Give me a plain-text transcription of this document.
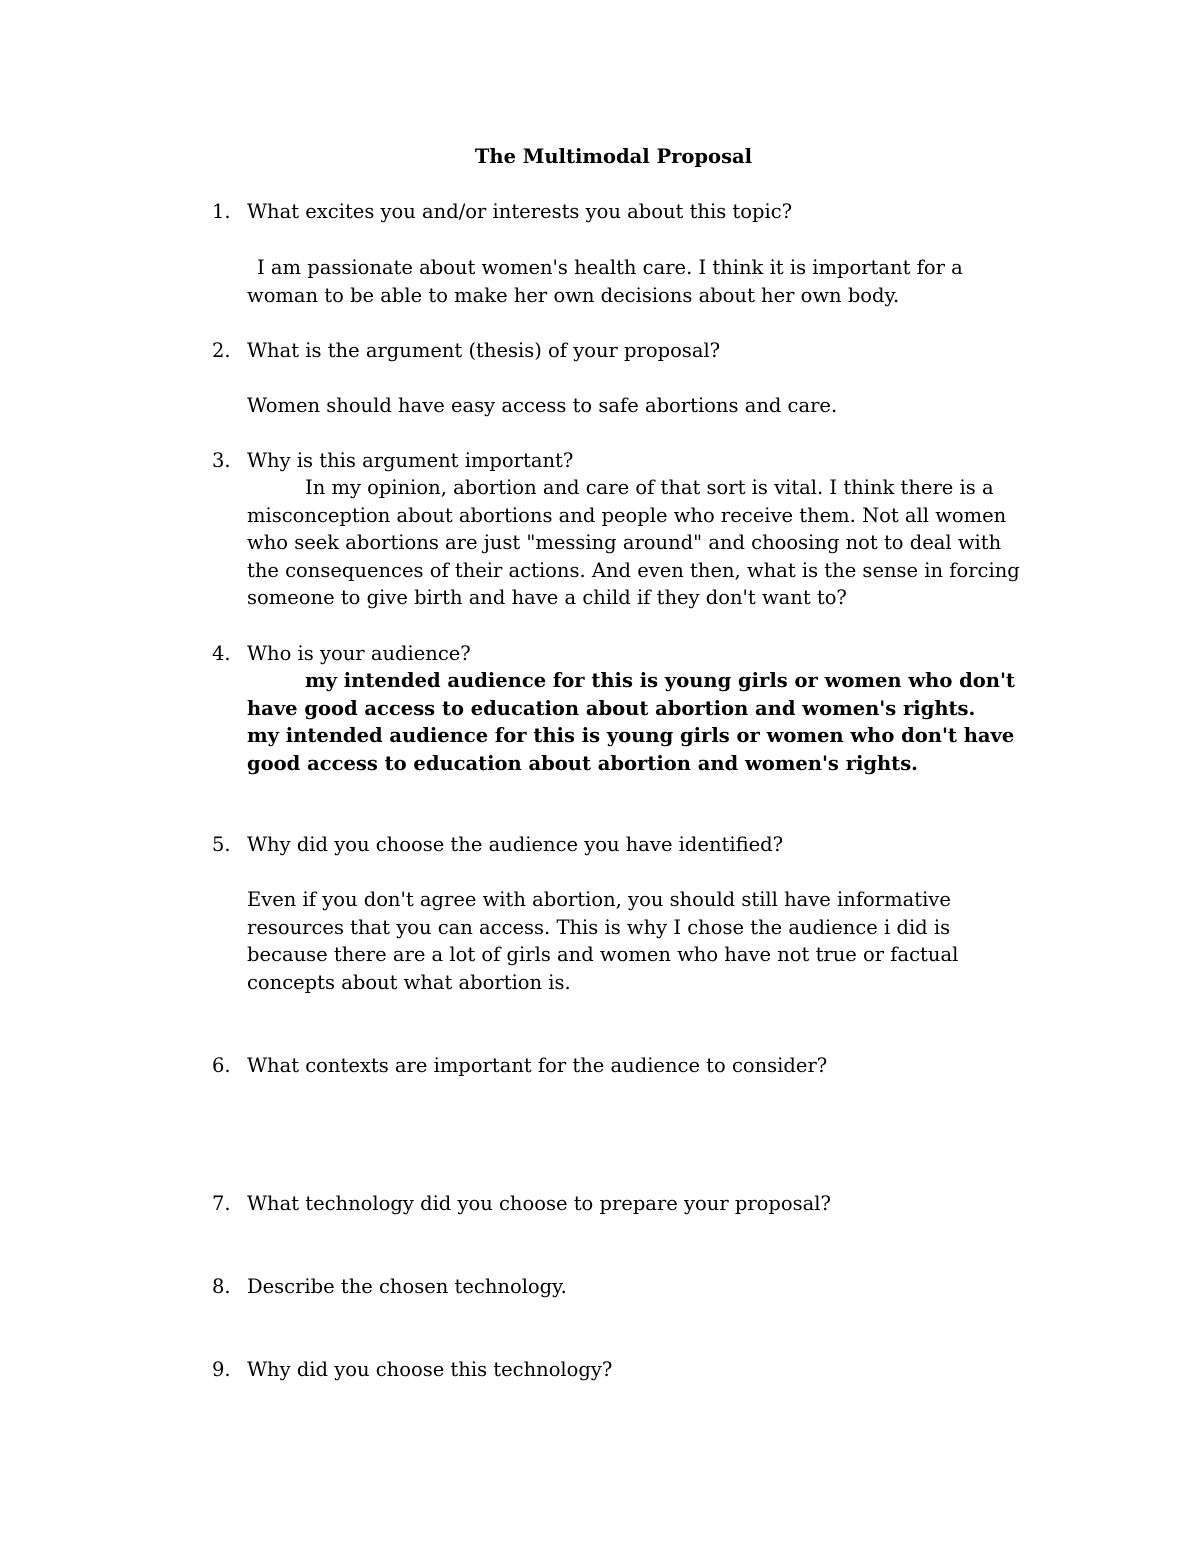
The Multimodal Proposal
1. What excites you and/or interests you about this topic?

I am passionate about women's health care. I think it is important for a woman to be able to make her own decisions about her own body.

2. What is the argument (thesis) of your proposal?

Women should have easy access to safe abortions and care.

3. Why is this argument important?

In my opinion, abortion and care of that sort is vital. I think there is a misconception about abortions and people who receive them. Not all women who seek abortions are just "messing around" and choosing not to deal with the consequences of their actions. And even then, what is the sense in forcing someone to give birth and have a child if they don't want to?

4. Who is your audience?
my intended audience for this is young girls or women who don't
have good access to education about abortion and women's rights.
my intended audience for this is young girls or women who don't have
good access to education about abortion and women's rights.
5. Why did you choose the audience you have identified?

Even if you don't agree with abortion, you should still have informative resources that you can access. This is why I chose the audience i did is because there are a lot of girls and women who have not true or factual concepts about what abortion is.

6. What contexts are important for the audience to consider?
7. What technology did you choose to prepare your proposal?
8. Describe the chosen technology.
9. Why did you choose this technology?
